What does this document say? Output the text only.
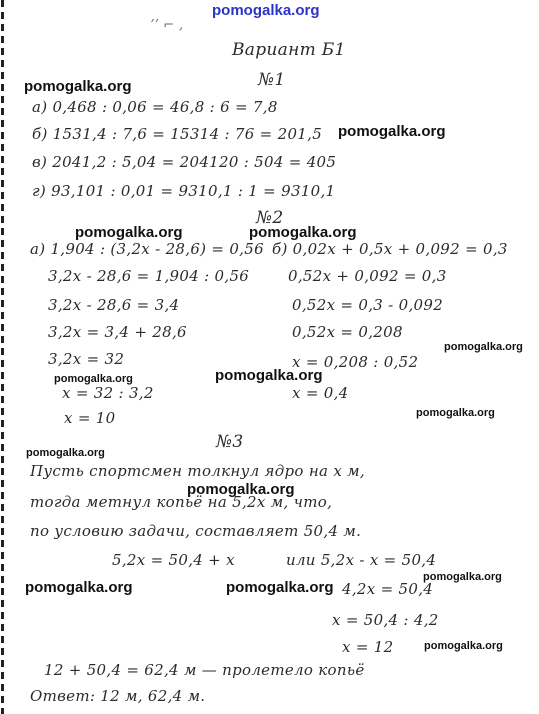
pomogalka.org
ʼʼ ⌐ ‚
Вариант Б1
pomogalka.org	№1
а) 0,468 : 0,06 = 46,8 : 6 = 7,8
б) 1531,4 : 7,6 = 15314 : 76 = 201,5 pomogalka.org
в) 2041,2 : 5,04 = 204120 : 504 = 405
г) 93,101 : 0,01 = 9310,1 : 1 = 9310,1
№2
pomogalka.org	pomogalka.org
а) 1,904 : (3,2x - 28,6) = 0,56
3,2x - 28,6 = 1,904 : 0,56
3,2x - 28,6 = 3,4
3,2x = 3,4 + 28,6
3,2x = 32
pomogalka.org
x = 32 : 3,2
x = 10
б) 0,02x + 0,5x + 0,092 = 0,3
0,52x + 0,092 = 0,3
0,52x = 0,3 - 0,092
0,52x = 0,208
pomogalka.org
x = 0,208 : 0,52
pomogalka.org
x = 0,4
pomogalka.org
№3
pomogalka.org
Пусть спортсмен толкнул ядро на x м,
pomogalka.org
тогда метнул копьё на 5,2x м, что,
по условию задачи, составляет 50,4 м.
5,2x = 50,4 + x	или 5,2x - x = 50,4
pomogalka.org
pomogalka.org	pomogalka.org 4,2x = 50,4
x = 50,4 : 4,2
x = 12	pomogalka.org
12 + 50,4 = 62,4 м — пролетело копьё
Ответ: 12 м, 62,4 м.
